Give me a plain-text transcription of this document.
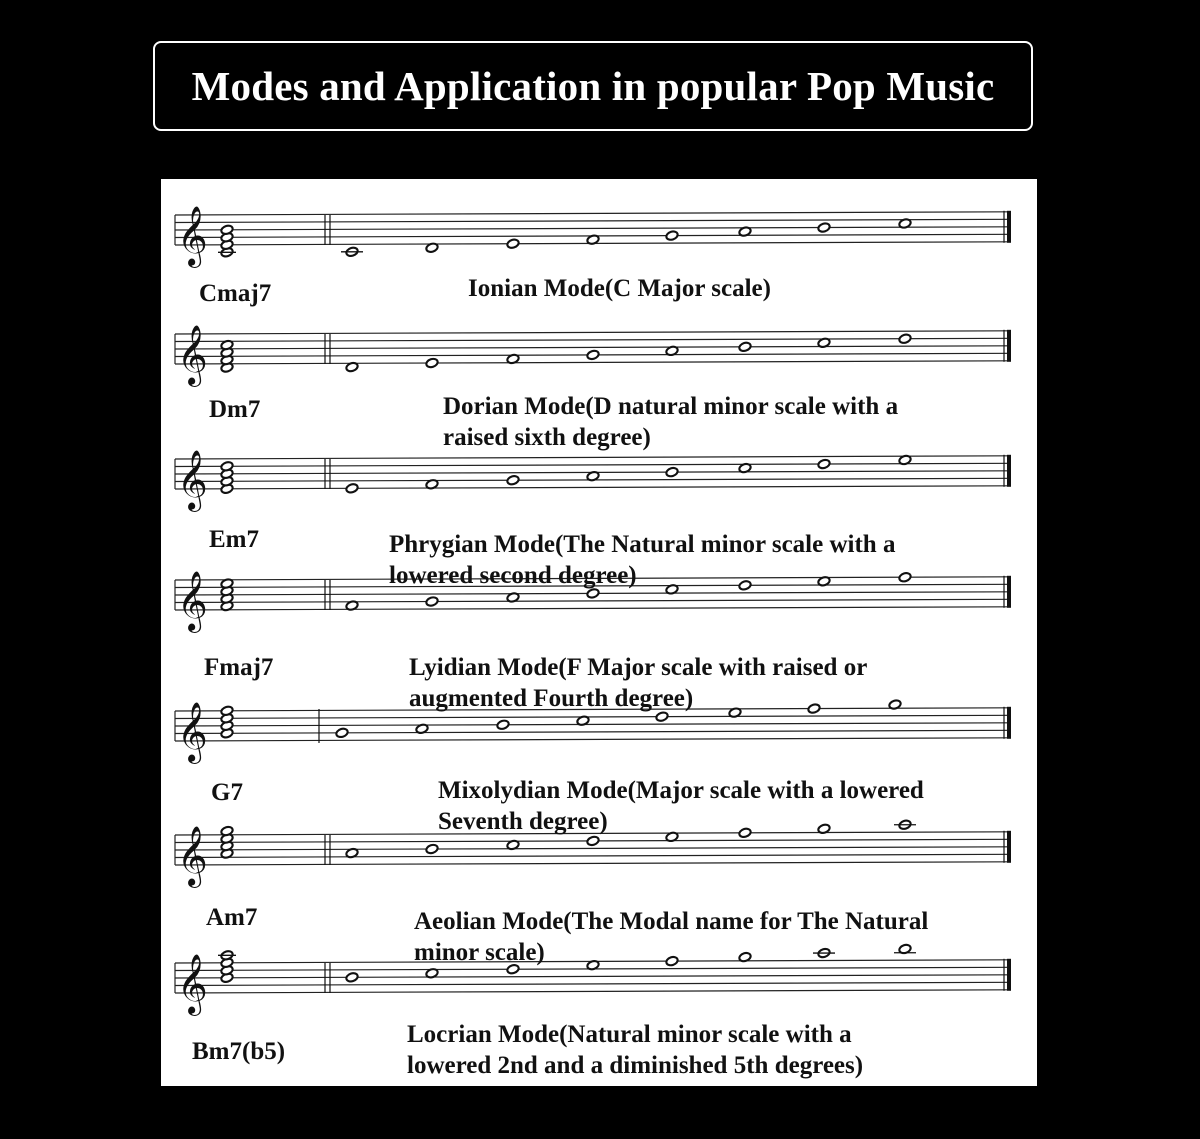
Modes and Application in popular Pop Music
𝄞
𝄞
𝄞
𝄞
𝄞
𝄞
𝄞
Cmaj7	Ionian Mode(C Major scale)
Dm7	Dorian Mode(D natural minor scale with a
raised sixth degree)
Em7	Phrygian Mode(The Natural minor scale with a
lowered second degree)
Fmaj7	Lyidian Mode(F Major scale with raised or
augmented Fourth degree)
G7	Mixolydian Mode(Major scale with a lowered
Seventh degree)
Am7	Aeolian Mode(The Modal name for The Natural
minor scale)
Bm7(b5)
Locrian Mode(Natural minor scale with a
lowered 2nd and a diminished 5th degrees)
